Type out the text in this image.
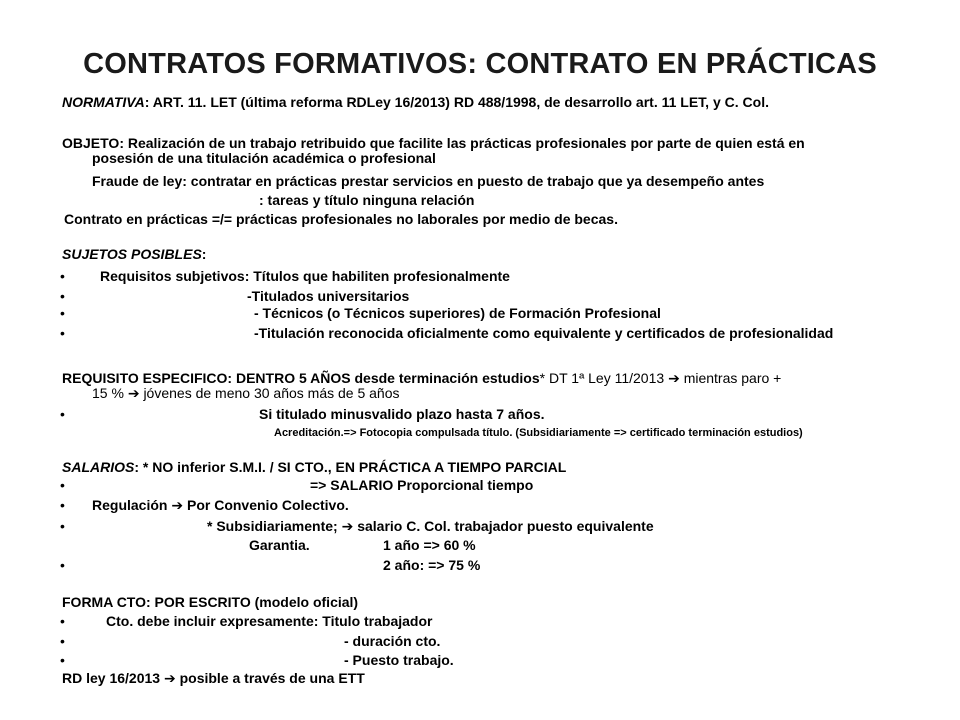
CONTRATOS FORMATIVOS: CONTRATO EN PRÁCTICAS
NORMATIVA: ART. 11. LET (última reforma RDLey 16/2013) RD 488/1998, de desarrollo art. 11 LET, y C. Col.
OBJETO: Realización de un trabajo retribuido que facilite las prácticas profesionales por parte de quien está en
posesión de una titulación académica o profesional
Fraude de ley: contratar en prácticas prestar servicios en puesto de trabajo que ya desempeño antes
: tareas y título ninguna relación
Contrato en prácticas =/= prácticas profesionales no laborales por medio de becas.
SUJETOS POSIBLES:
•	Requisitos subjetivos: Títulos que habiliten profesionalmente
•	-Titulados universitarios
•	- Técnicos (o Técnicos superiores) de Formación Profesional
•	-Titulación reconocida oficialmente como equivalente y certificados de profesionalidad
REQUISITO ESPECIFICO: DENTRO 5 AÑOS desde terminación estudios* DT 1ª Ley 11/2013 ➔ mientras paro +
15 % ➔ jóvenes de meno 30 años más de 5 años
•	Si titulado minusvalido plazo hasta 7 años.
Acreditación.=> Fotocopia compulsada título. (Subsidiariamente => certificado terminación estudios)
SALARIOS: * NO inferior S.M.I. / SI CTO., EN PRÁCTICA A TIEMPO PARCIAL
•	=> SALARIO Proporcional tiempo
• Regulación ➔ Por Convenio Colectivo.
•	* Subsidiariamente; ➔ salario C. Col. trabajador puesto equivalente
Garantia.	1 año => 60 %
•	2 año: => 75 %
FORMA CTO: POR ESCRITO (modelo oficial)
•	Cto. debe incluir expresamente: Titulo trabajador
•	- duración cto.
•	- Puesto trabajo.
RD ley 16/2013 ➔ posible a través de una ETT
